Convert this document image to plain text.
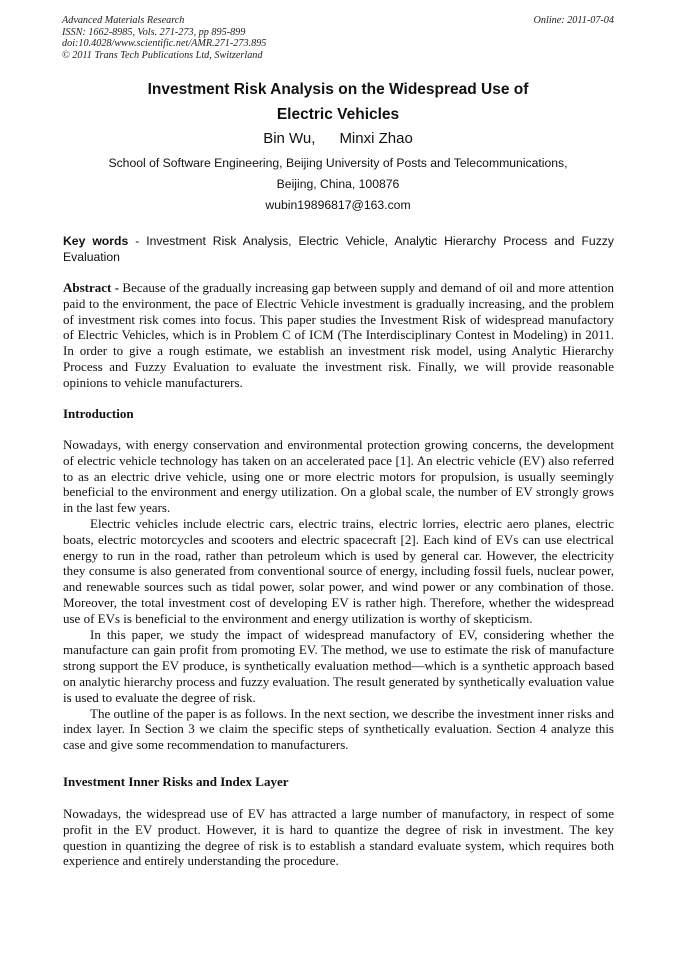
Advanced Materials Research
ISSN: 1662-8985, Vols. 271-273, pp 895-899
doi:10.4028/www.scientific.net/AMR.271-273.895
© 2011 Trans Tech Publications Ltd, Switzerland
Online: 2011-07-04
Investment Risk Analysis on the Widespread Use of
Electric Vehicles
Bin Wu, Minxi Zhao
School of Software Engineering, Beijing University of Posts and Telecommunications,
Beijing, China, 100876
wubin19896817@163.com
Key words - Investment Risk Analysis, Electric Vehicle, Analytic Hierarchy Process and Fuzzy Evaluation

Abstract - Because of the gradually increasing gap between supply and demand of oil and more attention paid to the environment, the pace of Electric Vehicle investment is gradually increasing, and the problem of investment risk comes into focus. This paper studies the Investment Risk of widespread manufactory of Electric Vehicles, which is in Problem C of ICM (The Interdisciplinary Contest in Modeling) in 2011. In order to give a rough estimate, we establish an investment risk model, using Analytic Hierarchy Process and Fuzzy Evaluation to evaluate the investment risk. Finally, we will provide reasonable opinions to vehicle manufacturers.

Introduction

Nowadays, with energy conservation and environmental protection growing concerns, the development of electric vehicle technology has taken on an accelerated pace [1]. An electric vehicle (EV) also referred to as an electric drive vehicle, using one or more electric motors for propulsion, is usually seemingly beneficial to the environment and energy utilization. On a global scale, the number of EV strongly grows in the last few years.

Electric vehicles include electric cars, electric trains, electric lorries, electric aero planes, electric boats, electric motorcycles and scooters and electric spacecraft [2]. Each kind of EVs can use electrical energy to run in the road, rather than petroleum which is used by general car. However, the electricity they consume is also generated from conventional source of energy, including fossil fuels, nuclear power, and renewable sources such as tidal power, solar power, and wind power or any combination of those. Moreover, the total investment cost of developing EV is rather high. Therefore, whether the widespread use of EVs is beneficial to the environment and energy utilization is worthy of skepticism.

In this paper, we study the impact of widespread manufactory of EV, considering whether the manufacture can gain profit from promoting EV. The method, we use to estimate the risk of manufacture strong support the EV produce, is synthetically evaluation method—which is a synthetic approach based on analytic hierarchy process and fuzzy evaluation. The result generated by synthetically evaluation value is used to evaluate the degree of risk.

The outline of the paper is as follows. In the next section, we describe the investment inner risks and index layer. In Section 3 we claim the specific steps of synthetically evaluation. Section 4 analyze this case and give some recommendation to manufacturers.

Investment Inner Risks and Index Layer

Nowadays, the widespread use of EV has attracted a large number of manufactory, in respect of some profit in the EV product. However, it is hard to quantize the degree of risk in investment. The key question in quantizing the degree of risk is to establish a standard evaluate system, which requires both experience and entirely understanding the procedure.
